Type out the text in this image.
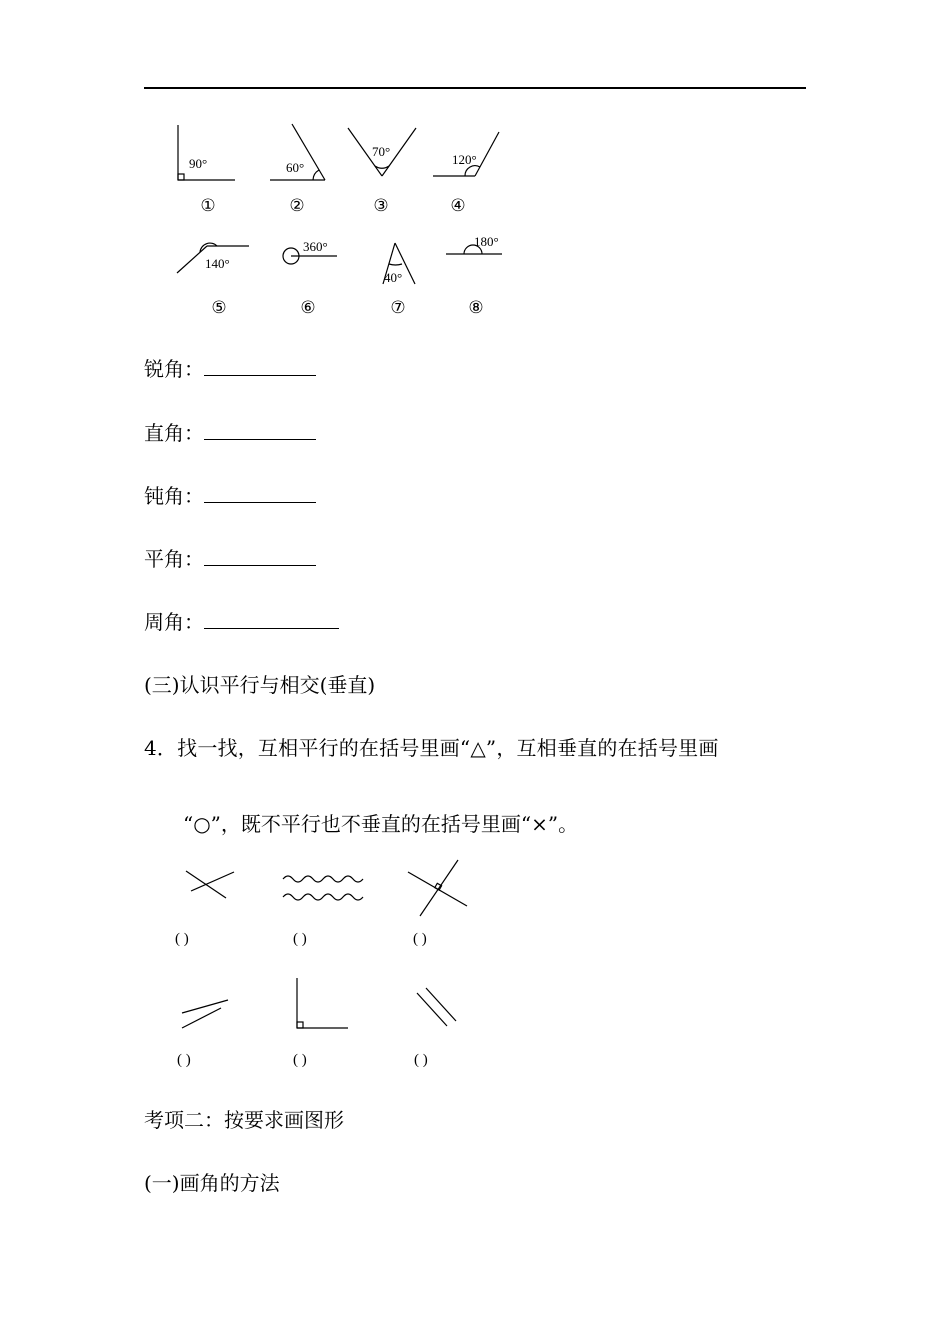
90°	60°
70°
120°
140°
360°
40°
180°
①	②	③	④
⑤	⑥	⑦	⑧
( )	( )	( )
( )	( )	( )
锐角：
直角：
钝角：
平角：
周角：
(三)认识平行与相交(垂直)
4．找一找，互相平行的在括号里画“△”，互相垂直的在括号里画
“○”，既不平行也不垂直的在括号里画“×”。
考项二：按要求画图形
(一)画角的方法
